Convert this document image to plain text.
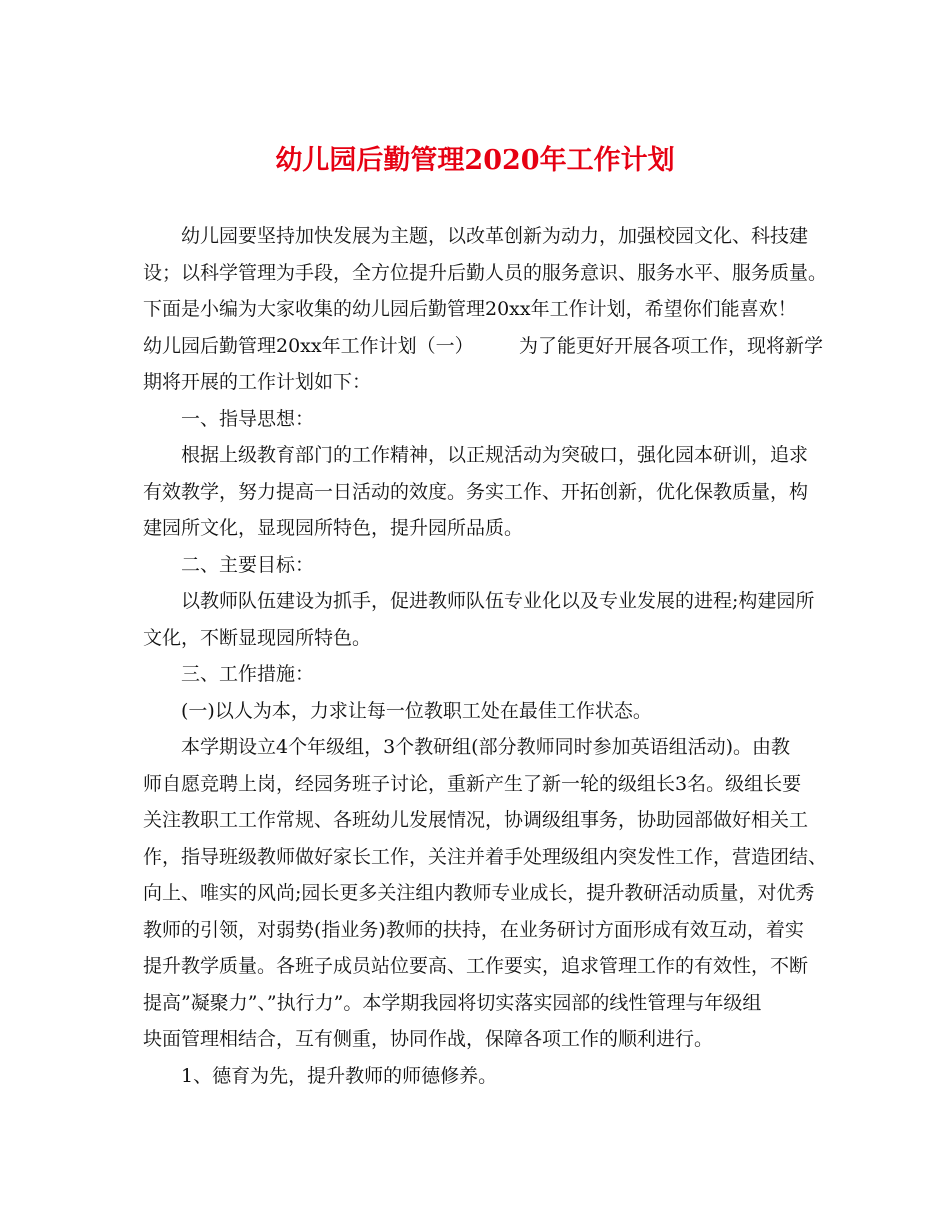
幼儿园后勤管理2020年工作计划
幼儿园要坚持加快发展为主题，以改革创新为动力，加强校园文化、科技建
设；以科学管理为手段，全方位提升后勤人员的服务意识、服务水平、服务质量。
下面是小编为大家收集的幼儿园后勤管理20xx年工作计划，希望你们能喜欢！
幼儿园后勤管理20xx年工作计划（一） 为了能更好开展各项工作，现将新学
期将开展的工作计划如下：
一、指导思想：
根据上级教育部门的工作精神，以正规活动为突破口，强化园本研训，追求
有效教学，努力提高一日活动的效度。务实工作、开拓创新，优化保教质量，构
建园所文化，显现园所特色，提升园所品质。
二、主要目标：
以教师队伍建设为抓手，促进教师队伍专业化以及专业发展的进程;构建园所
文化，不断显现园所特色。
三、工作措施：
(一)以人为本，力求让每一位教职工处在最佳工作状态。
本学期设立4个年级组，3个教研组(部分教师同时参加英语组活动)。由教
师自愿竞聘上岗，经园务班子讨论，重新产生了新一轮的级组长3名。级组长要
关注教职工工作常规、各班幼儿发展情况，协调级组事务，协助园部做好相关工
作，指导班级教师做好家长工作，关注并着手处理级组内突发性工作，营造团结、
向上、唯实的风尚;园长更多关注组内教师专业成长，提升教研活动质量，对优秀
教师的引领，对弱势(指业务)教师的扶持，在业务研讨方面形成有效互动，着实
提升教学质量。各班子成员站位要高、工作要实，追求管理工作的有效性，不断
提高”凝聚力”、”执行力”。本学期我园将切实落实园部的线性管理与年级组
块面管理相结合，互有侧重，协同作战，保障各项工作的顺利进行。
1、德育为先，提升教师的师德修养。
